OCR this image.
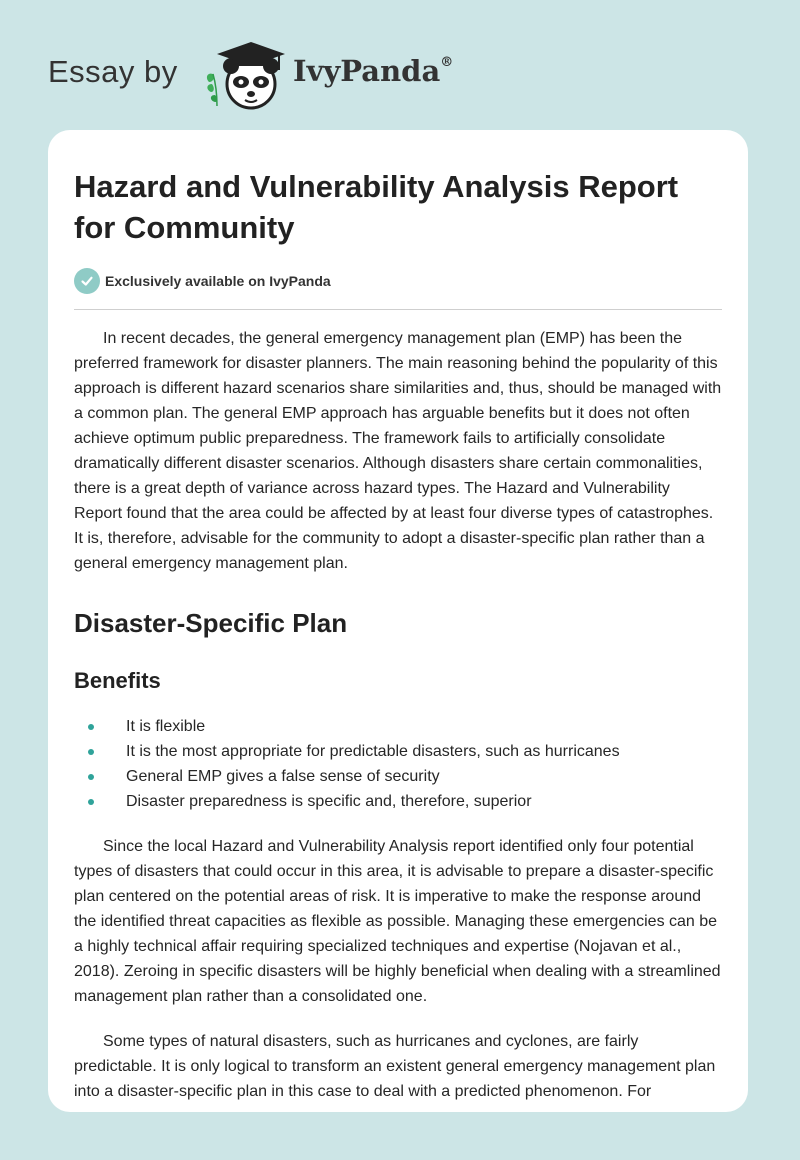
Essay by	IvyPanda®
Hazard and Vulnerability Analysis Report for Community
Exclusively available on IvyPanda

In recent decades, the general emergency management plan (EMP) has been the preferred framework for disaster planners. The main reasoning behind the popularity of this approach is different hazard scenarios share similarities and, thus, should be managed with a common plan. The general EMP approach has arguable benefits but it does not often achieve optimum public preparedness. The framework fails to artificially consolidate dramatically different disaster scenarios. Although disasters share certain commonalities, there is a great depth of variance across hazard types. The Hazard and Vulnerability Report found that the area could be affected by at least four diverse types of catastrophes. It is, therefore, advisable for the community to adopt a disaster-specific plan rather than a general emergency management plan.

Disaster-Specific Plan
Benefits
It is flexible
It is the most appropriate for predictable disasters, such as hurricanes
General EMP gives a false sense of security
Disaster preparedness is specific and, therefore, superior

Since the local Hazard and Vulnerability Analysis report identified only four potential types of disasters that could occur in this area, it is advisable to prepare a disaster-specific plan centered on the potential areas of risk. It is imperative to make the response around the identified threat capacities as flexible as possible. Managing these emergencies can be a highly technical affair requiring specialized techniques and expertise (Nojavan et al., 2018). Zeroing in specific disasters will be highly beneficial when dealing with a streamlined management plan rather than a consolidated one.

Some types of natural disasters, such as hurricanes and cyclones, are fairly predictable. It is only logical to transform an existent general emergency management plan into a disaster-specific plan in this case to deal with a predicted phenomenon. For
